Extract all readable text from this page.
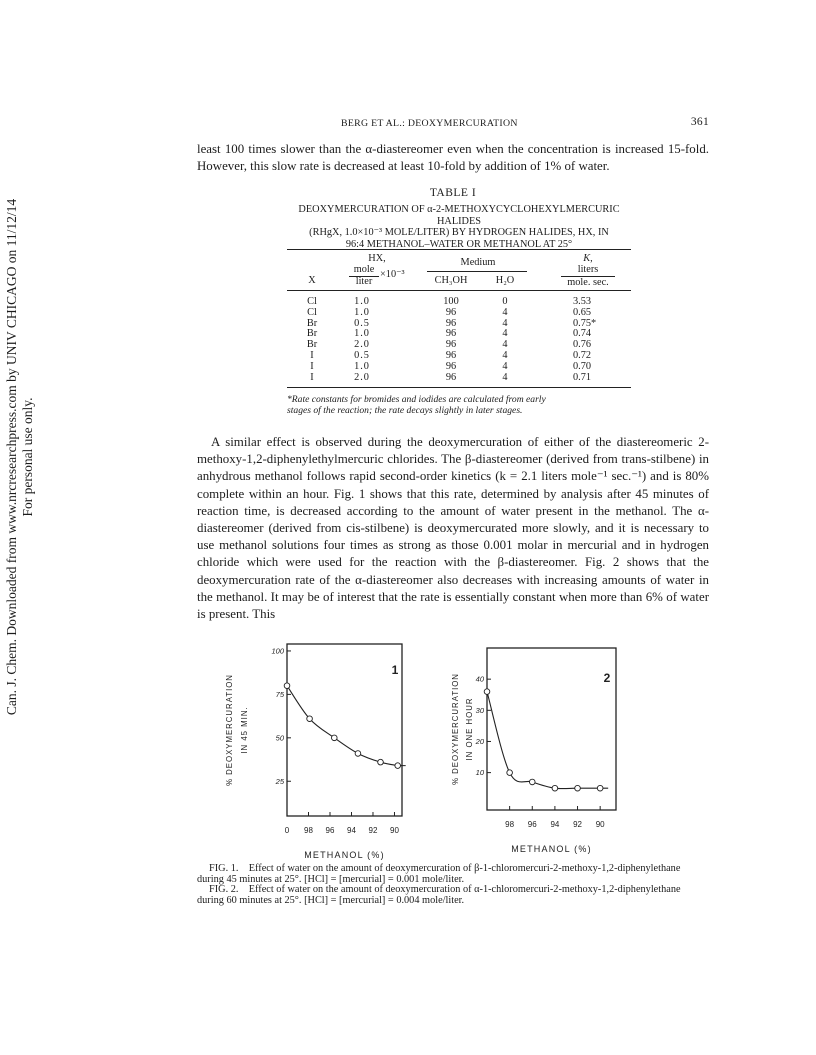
Can. J. Chem. Downloaded from www.nrcresearchpress.com by UNIV CHICAGO on 11/12/14 For personal use only.
BERG ET AL.: DEOXYMERCURATION	361

least 100 times slower than the α-diastereomer even when the concentration is increased 15-fold. However, this slow rate is decreased at least 10-fold by addition of 1% of water.

TABLE I
DEOXYMERCURATION OF α-2-METHOXYCYCLOHEXYLMERCURIC HALIDES
(RHgX, 1.0×10⁻³ MOLE/LITER) BY HYDROGEN HALIDES, HX, IN
96:4 METHANOL–WATER OR METHANOL AT 25°
X
HX,
mole
liter
×10⁻³
Medium
CH₃OH	H₂O
K,
liters
mole. sec.
Cl
Cl
Br
Br
Br
I
I
I
1.0
1.0
0.5
1.0
2.0
0.5
1.0
2.0
100
96
96
96
96
96
96
96
0
4
4
4
4
4
4
4
3.53
0.65
0.75*
0.74
0.76
0.72
0.70
0.71
*Rate constants for bromides and iodides are calculated from early
stages of the reaction; the rate decays slightly in later stages.

A similar effect is observed during the deoxymercuration of either of the diastereomeric 2-methoxy-1,2-diphenylethylmercuric chlorides. The β-diastereomer (derived from trans-stilbene) in anhydrous methanol follows rapid second-order kinetics (k = 2.1 liters mole⁻¹ sec.⁻¹) and is 80% complete within an hour. Fig. 1 shows that this rate, determined by analysis after 45 minutes of reaction time, is decreased according to the amount of water present in the methanol. The α-diastereomer (derived from cis-stilbene) is deoxymercurated more slowly, and it is necessary to use methanol solutions four times as strong as those 0.001 molar in mercurial and in hydrogen chloride which were used for the reaction with the β-diastereomer. Fig. 2 shows that the deoxymercuration rate of the α-diastereomer also decreases with increasing amounts of water in the methanol. It may be of interest that the rate is essentially constant when more than 6% of water is present. This

1
100
75
50
25
0 98 96 94 92 90
METHANOL (%)
% DEOXYMERCURATION IN 45 MIN.
2
40
30
20
10
98 96 94 92 90
METHANOL (%)
% DEOXYMERCURATION IN ONE HOUR

FIG. 1. Effect of water on the amount of deoxymercuration of β-1-chloromercuri-2-methoxy-1,2-diphenylethane during 45 minutes at 25°. [HCl] = [mercurial] = 0.001 mole/liter.

FIG. 2. Effect of water on the amount of deoxymercuration of α-1-chloromercuri-2-methoxy-1,2-diphenylethane during 60 minutes at 25°. [HCl] = [mercurial] = 0.004 mole/liter.
